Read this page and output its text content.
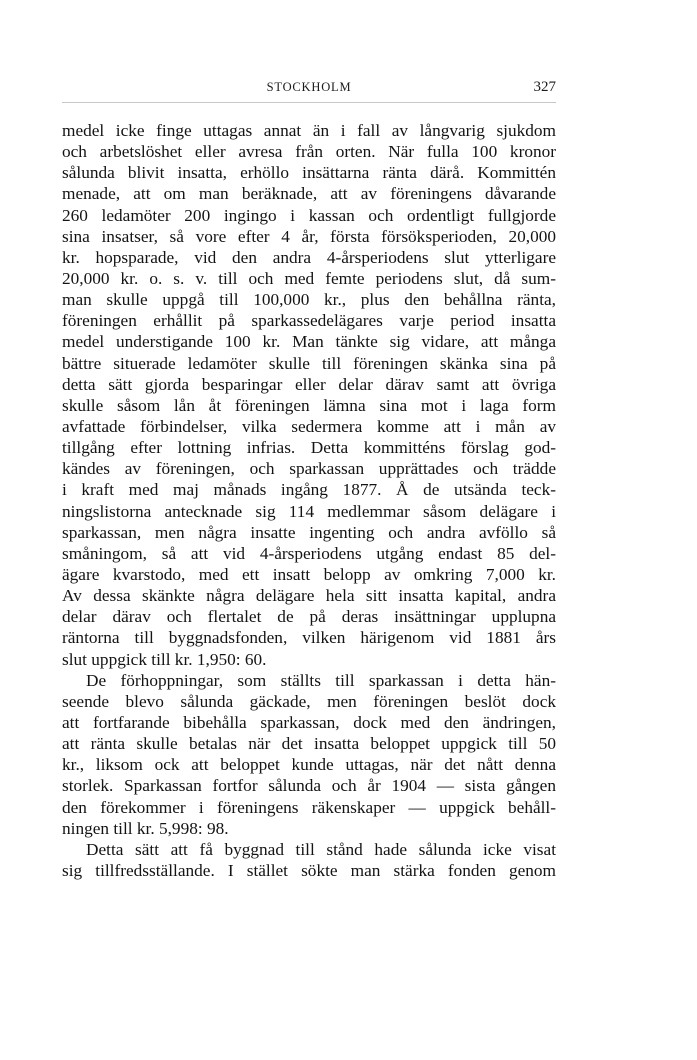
STOCKHOLM	327
medel icke finge uttagas annat än i fall av långvarig sjukdom
och arbetslöshet eller avresa från orten. När fulla 100 kronor
sålunda blivit insatta, erhöllo insättarna ränta därå. Kommittén
menade, att om man beräknade, att av föreningens dåvarande
260 ledamöter 200 ingingo i kassan och ordentligt fullgjorde
sina insatser, så vore efter 4 år, första försöksperioden, 20,000
kr. hopsparade, vid den andra 4-årsperiodens slut ytterligare
20,000 kr. o. s. v. till och med femte periodens slut, då sum-
man skulle uppgå till 100,000 kr., plus den behållna ränta,
föreningen erhållit på sparkassedelägares varje period insatta
medel understigande 100 kr. Man tänkte sig vidare, att många
bättre situerade ledamöter skulle till föreningen skänka sina på
detta sätt gjorda besparingar eller delar därav samt att övriga
skulle såsom lån åt föreningen lämna sina mot i laga form
avfattade förbindelser, vilka sedermera komme att i mån av
tillgång efter lottning infrias. Detta kommitténs förslag god-
kändes av föreningen, och sparkassan upprättades och trädde
i kraft med maj månads ingång 1877. Å de utsända teck-
ningslistorna antecknade sig 114 medlemmar såsom delägare i
sparkassan, men några insatte ingenting och andra avföllo så
småningom, så att vid 4-årsperiodens utgång endast 85 del-
ägare kvarstodo, med ett insatt belopp av omkring 7,000 kr.
Av dessa skänkte några delägare hela sitt insatta kapital, andra
delar därav och flertalet de på deras insättningar upplupna
räntorna till byggnadsfonden, vilken härigenom vid 1881 års
slut uppgick till kr. 1,950: 60.
De förhoppningar, som ställts till sparkassan i detta hän-
seende blevo sålunda gäckade, men föreningen beslöt dock
att fortfarande bibehålla sparkassan, dock med den ändringen,
att ränta skulle betalas när det insatta beloppet uppgick till 50
kr., liksom ock att beloppet kunde uttagas, när det nått denna
storlek. Sparkassan fortfor sålunda och år 1904 — sista gången
den förekommer i föreningens räkenskaper — uppgick behåll-
ningen till kr. 5,998: 98.
Detta sätt att få byggnad till stånd hade sålunda icke visat
sig tillfredsställande. I stället sökte man stärka fonden genom
